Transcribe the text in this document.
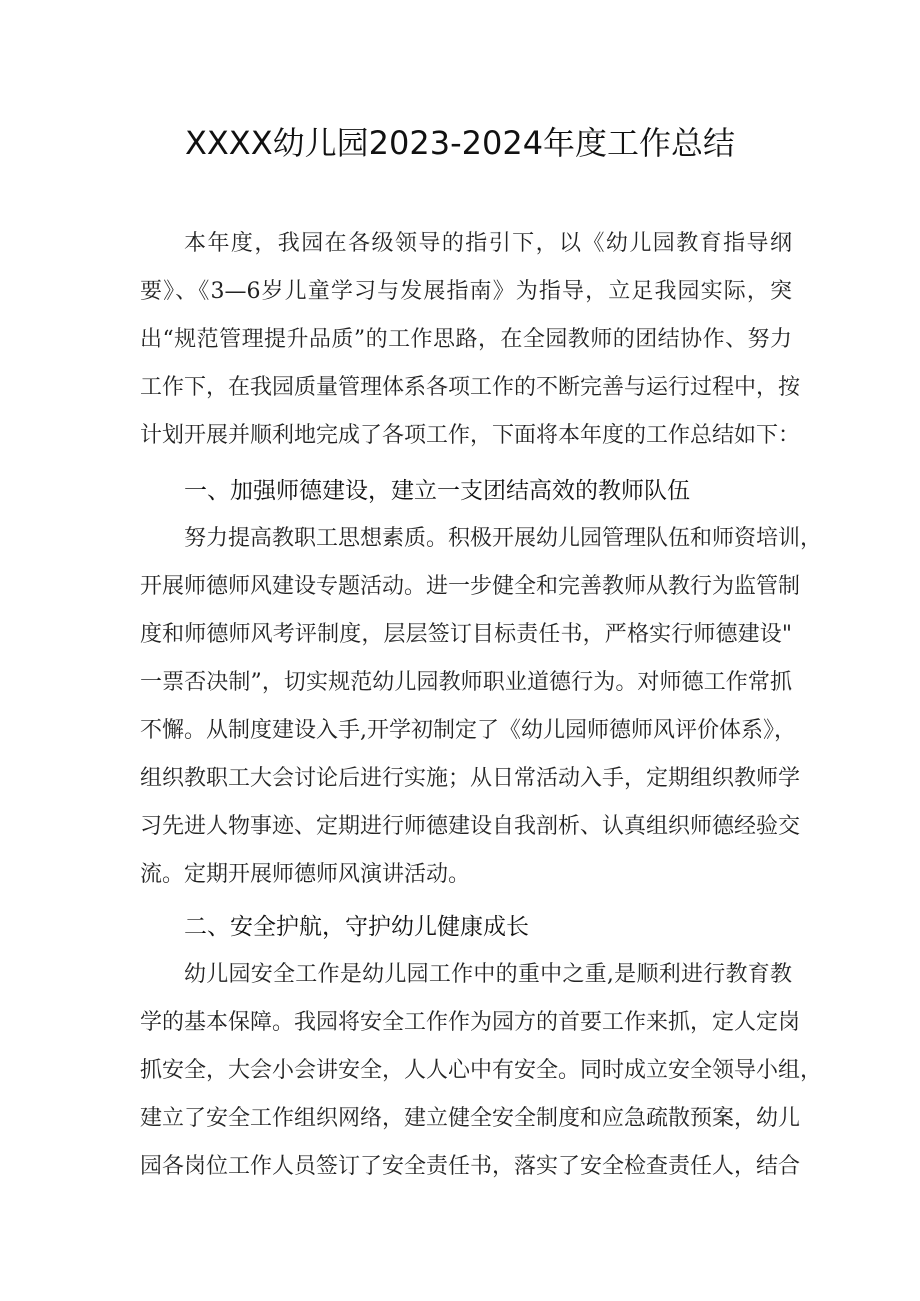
XXXX幼儿园2023-2024年度工作总结
本年度，我园在各级领导的指引下，以《幼儿园教育指导纲
要》、《3—6岁儿童学习与发展指南》为指导，立足我园实际，突
出“规范管理提升品质”的工作思路，在全园教师的团结协作、努力
工作下，在我园质量管理体系各项工作的不断完善与运行过程中，按
计划开展并顺利地完成了各项工作，下面将本年度的工作总结如下：
一、加强师德建设，建立一支团结高效的教师队伍
努力提高教职工思想素质。积极开展幼儿园管理队伍和师资培训，
开展师德师风建设专题活动。进一步健全和完善教师从教行为监管制
度和师德师风考评制度，层层签订目标责任书，严格实行师德建设"
一票否决制”，切实规范幼儿园教师职业道德行为。对师德工作常抓
不懈。从制度建设入手,开学初制定了《幼儿园师德师风评价体系》，
组织教职工大会讨论后进行实施；从日常活动入手，定期组织教师学
习先进人物事迹、定期进行师德建设自我剖析、认真组织师德经验交
流。定期开展师德师风演讲活动。
二、安全护航，守护幼儿健康成长
幼儿园安全工作是幼儿园工作中的重中之重,是顺利进行教育教
学的基本保障。我园将安全工作作为园方的首要工作来抓，定人定岗
抓安全，大会小会讲安全，人人心中有安全。同时成立安全领导小组，
建立了安全工作组织网络，建立健全安全制度和应急疏散预案，幼儿
园各岗位工作人员签订了安全责任书，落实了安全检查责任人，结合
